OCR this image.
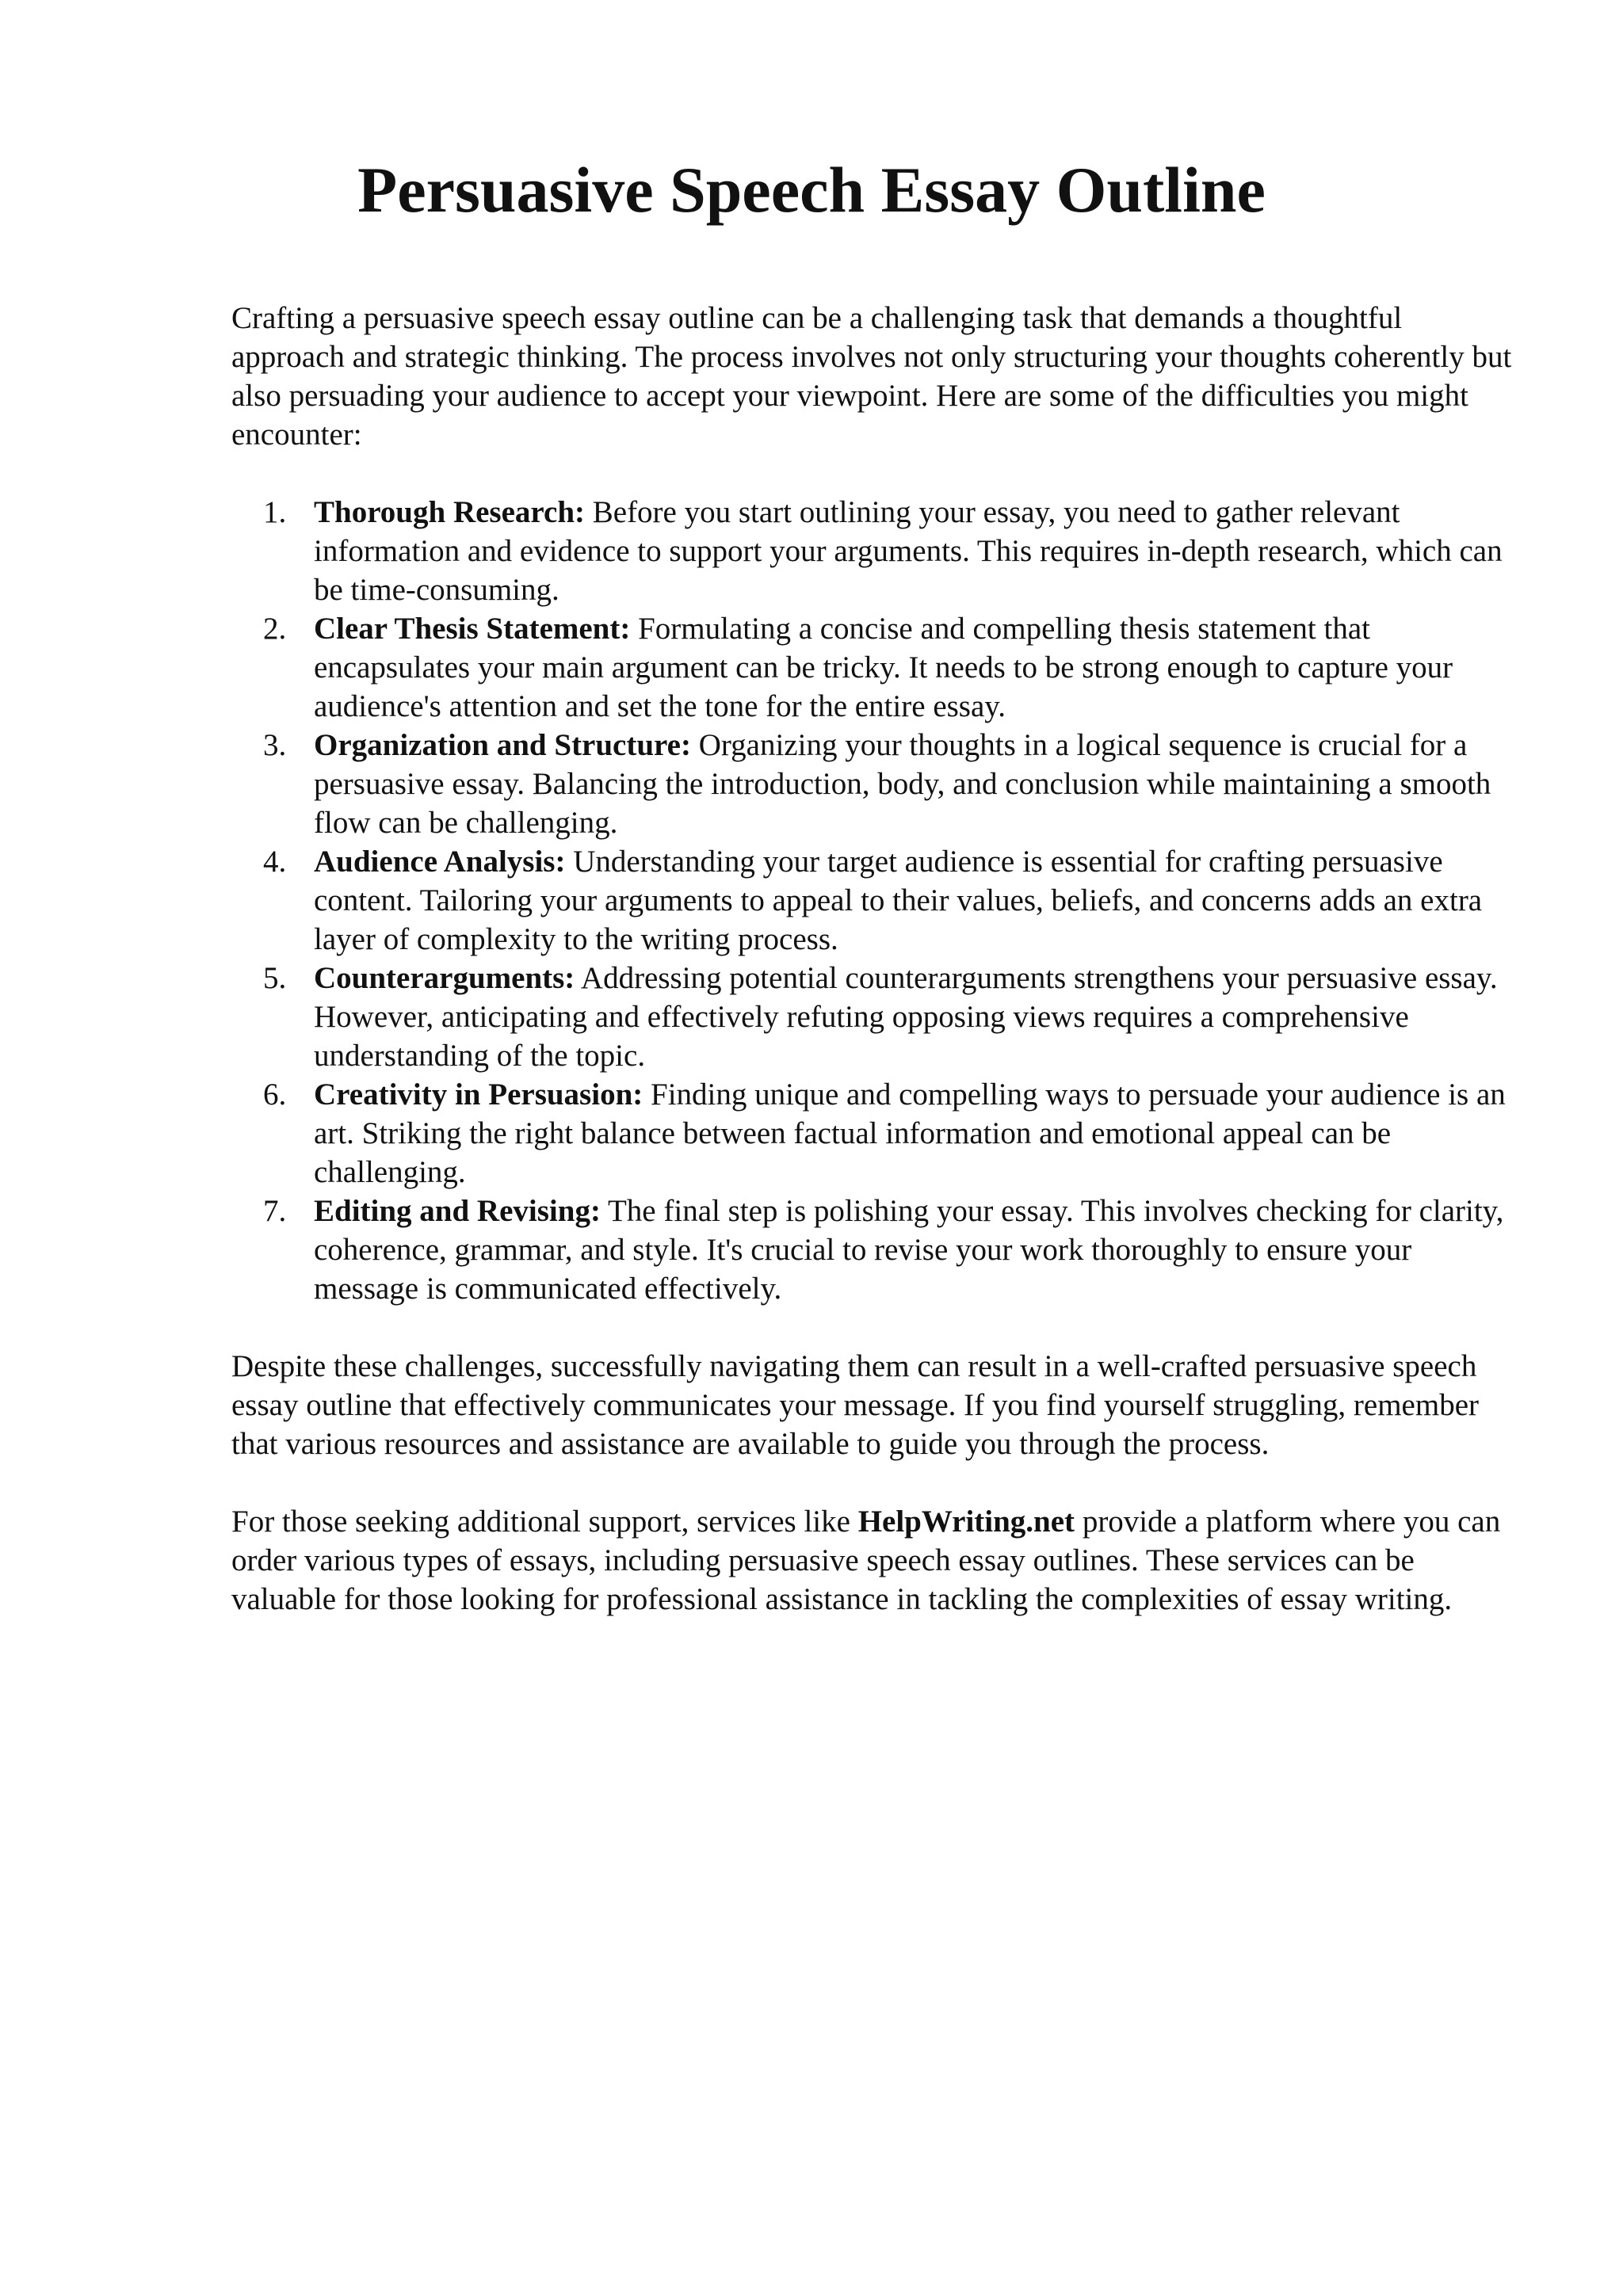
Persuasive Speech Essay Outline

Crafting a persuasive speech essay outline can be a challenging task that demands a thoughtful approach and strategic thinking. The process involves not only structuring your thoughts coherently but also persuading your audience to accept your viewpoint. Here are some of the difficulties you might encounter:

1. Thorough Research: Before you start outlining your essay, you need to gather relevant information and evidence to support your arguments. This requires in-depth research, which can be time-consuming.
2. Clear Thesis Statement: Formulating a concise and compelling thesis statement that encapsulates your main argument can be tricky. It needs to be strong enough to capture your audience's attention and set the tone for the entire essay.
3. Organization and Structure: Organizing your thoughts in a logical sequence is crucial for a persuasive essay. Balancing the introduction, body, and conclusion while maintaining a smooth flow can be challenging.
4. Audience Analysis: Understanding your target audience is essential for crafting persuasive content. Tailoring your arguments to appeal to their values, beliefs, and concerns adds an extra layer of complexity to the writing process.
5. Counterarguments: Addressing potential counterarguments strengthens your persuasive essay. However, anticipating and effectively refuting opposing views requires a comprehensive understanding of the topic.
6. Creativity in Persuasion: Finding unique and compelling ways to persuade your audience is an art. Striking the right balance between factual information and emotional appeal can be challenging.
7. Editing and Revising: The final step is polishing your essay. This involves checking for clarity, coherence, grammar, and style. It's crucial to revise your work thoroughly to ensure your message is communicated effectively.

Despite these challenges, successfully navigating them can result in a well-crafted persuasive speech essay outline that effectively communicates your message. If you find yourself struggling, remember that various resources and assistance are available to guide you through the process.

For those seeking additional support, services like HelpWriting.net provide a platform where you can order various types of essays, including persuasive speech essay outlines. These services can be valuable for those looking for professional assistance in tackling the complexities of essay writing.
